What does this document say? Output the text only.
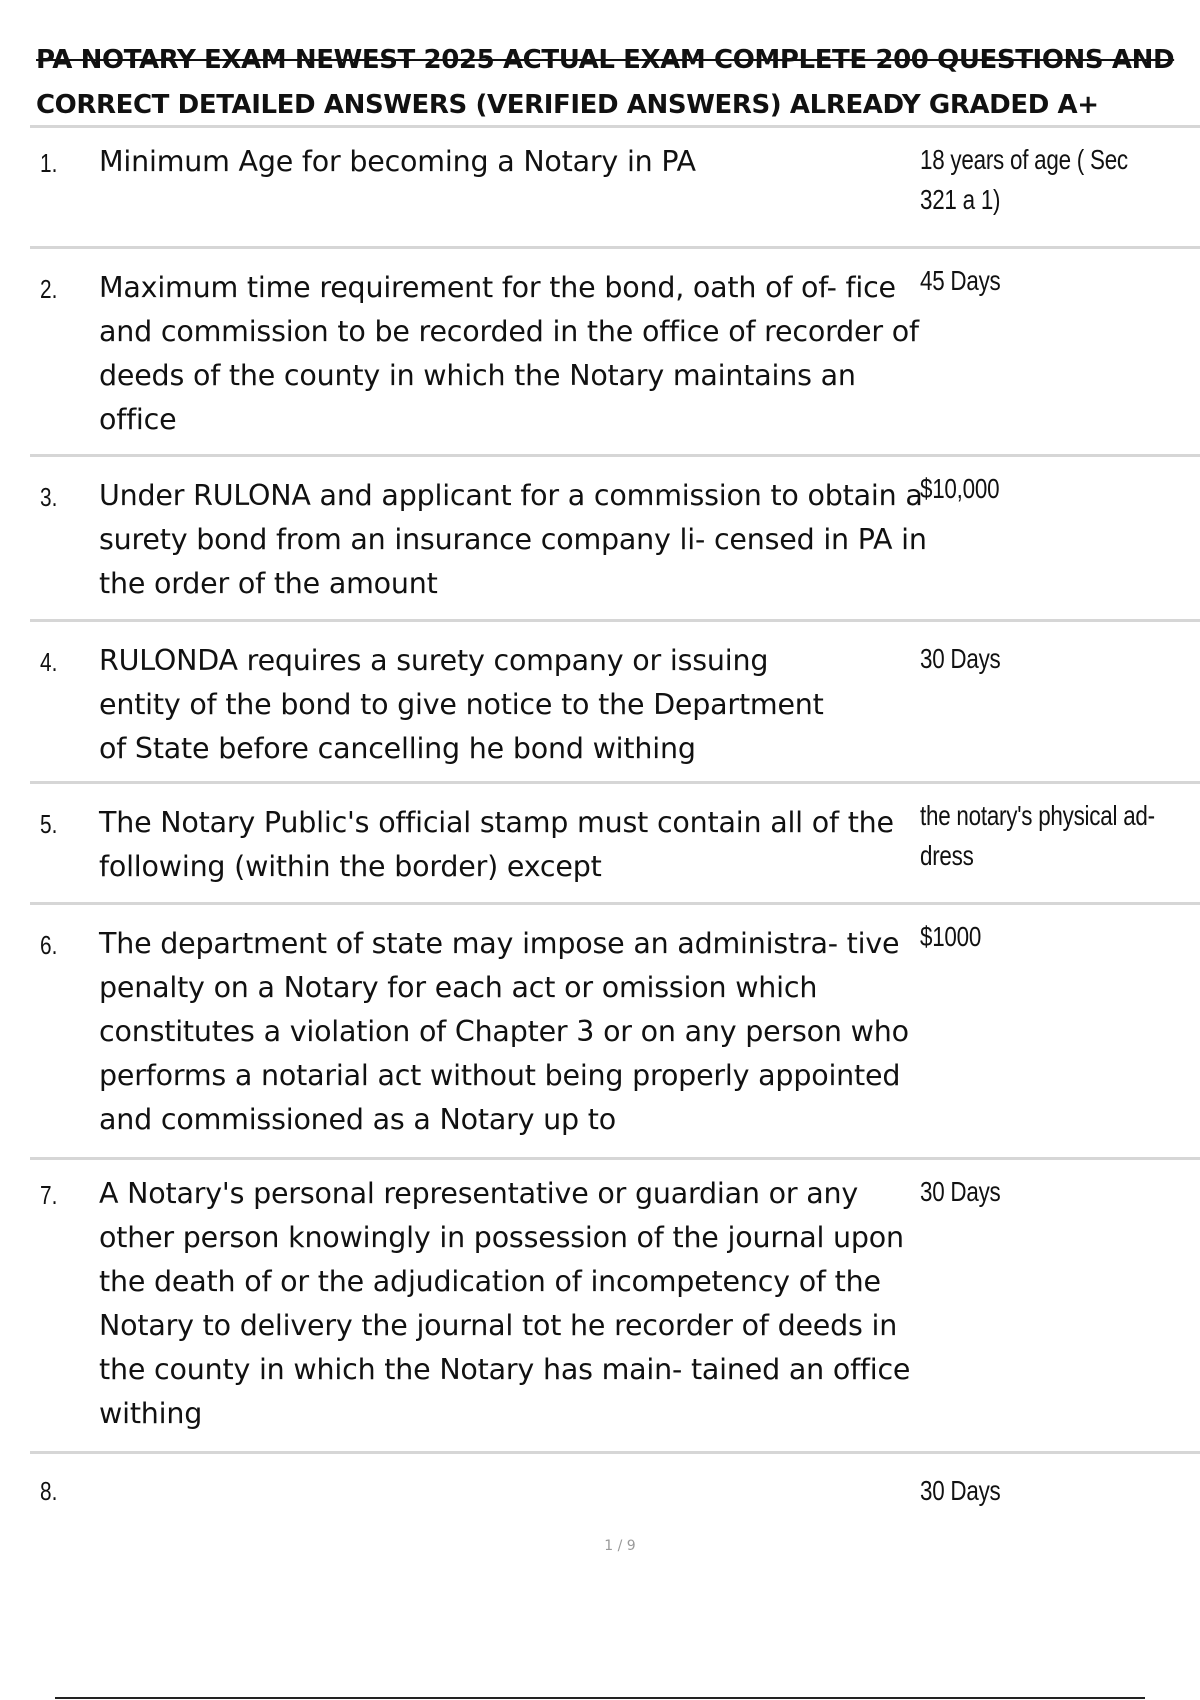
PA NOTARY EXAM NEWEST 2025 ACTUAL EXAM COMPLETE 200 QUESTIONS AND
CORRECT DETAILED ANSWERS (VERIFIED ANSWERS) ALREADY GRADED A+
1. Minimum Age for becoming a Notary in PA	18 years of age ( Sec 321 a 1)
2. Maximum time requirement for the bond, oath of of- fice and commission to be recorded in the office of recorder of deeds of the county in which the Notary maintains an office
45 Days
3. Under RULONA and applicant for a commission to obtain a surety bond from an insurance company li- censed in PA in the order of the amount
$10,000
4. RULONDA requires a surety company or issuing entity of the bond to give notice to the Department of State before cancelling he bond withing
30 Days
5. The Notary Public's official stamp must contain all of the following (within the border) except
the notary's physical ad- dress
6. The department of state may impose an administra- tive penalty on a Notary for each act or omission which constitutes a violation of Chapter 3 or on any person who performs a notarial act without being properly appointed and commissioned as a Notary up to
$1000
7. A Notary's personal representative or guardian or any other person knowingly in possession of the journal upon the death of or the adjudication of incompetency of the Notary to delivery the journal tot he recorder of deeds in the county in which the Notary has main- tained an office withing
30 Days
8.	30 Days
1 / 9
